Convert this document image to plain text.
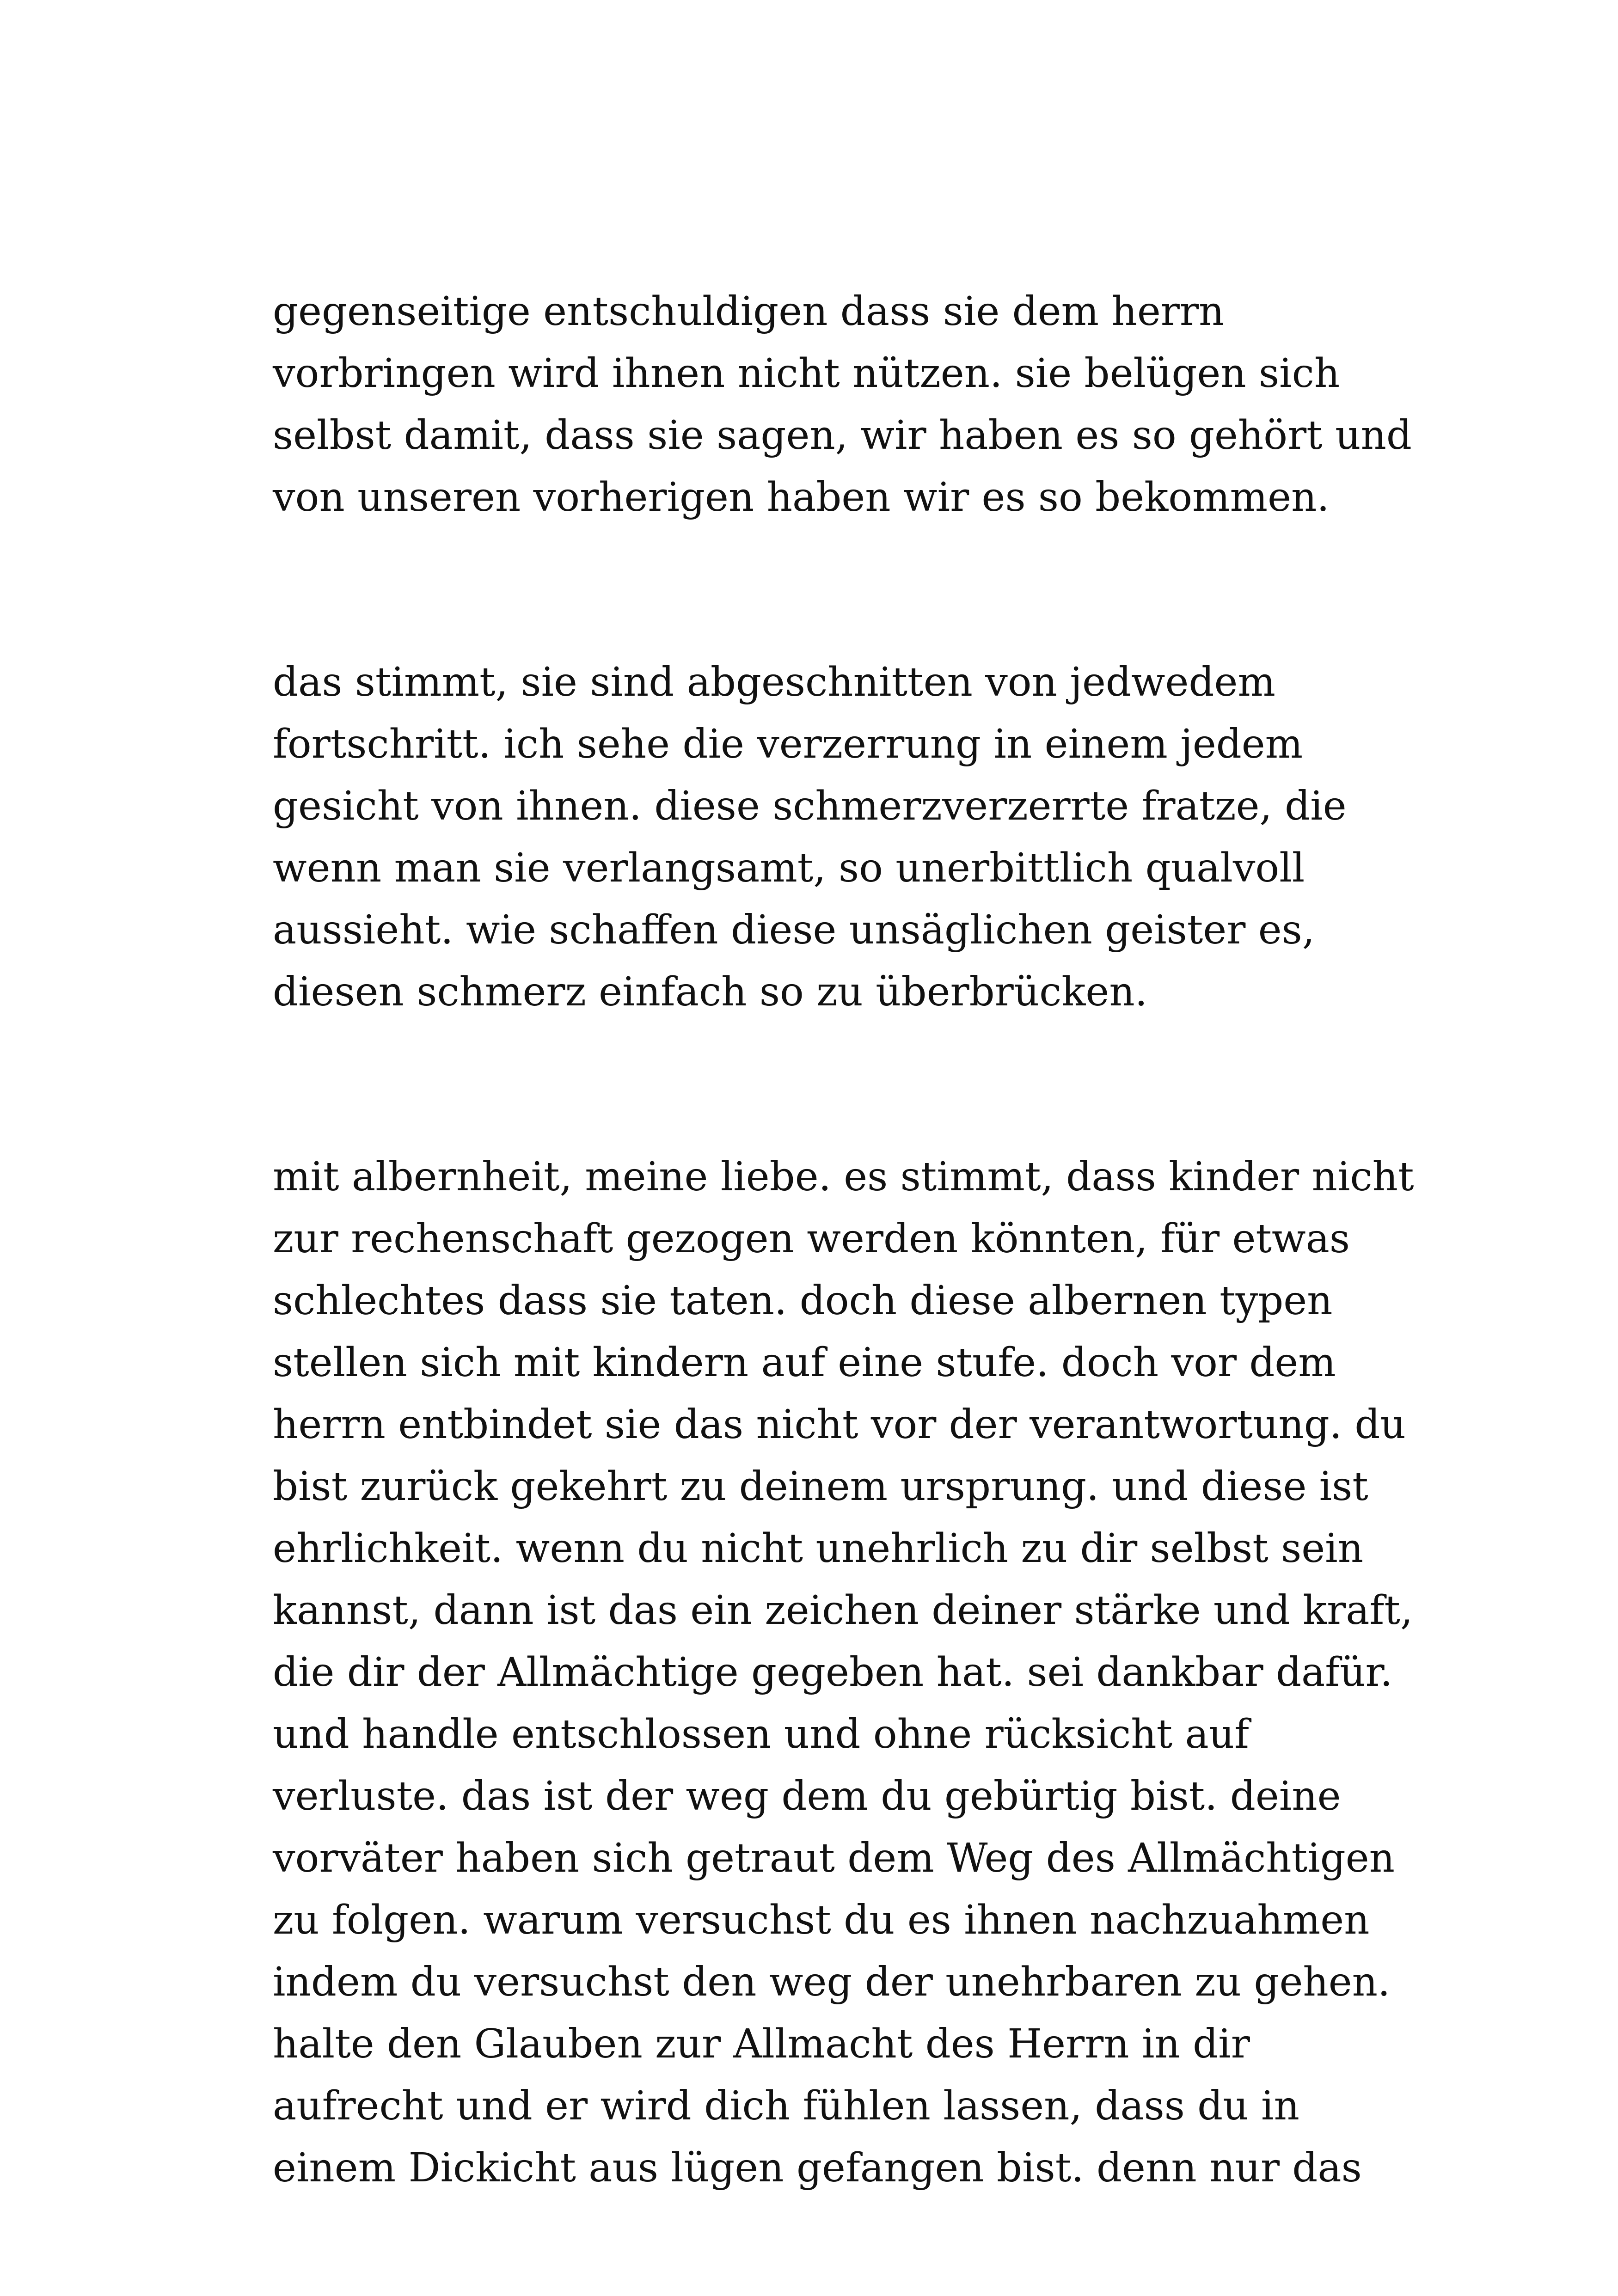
gegenseitige entschuldigen dass sie dem herrn
vorbringen wird ihnen nicht nützen. sie belügen sich
selbst damit, dass sie sagen, wir haben es so gehört und
von unseren vorherigen haben wir es so bekommen.

das stimmt, sie sind abgeschnitten von jedwedem
fortschritt. ich sehe die verzerrung in einem jedem
gesicht von ihnen. diese schmerzverzerrte fratze, die
wenn man sie verlangsamt, so unerbittlich qualvoll
aussieht. wie schaffen diese unsäglichen geister es,
diesen schmerz einfach so zu überbrücken.

mit albernheit, meine liebe. es stimmt, dass kinder nicht
zur rechenschaft gezogen werden könnten, für etwas
schlechtes dass sie taten. doch diese albernen typen
stellen sich mit kindern auf eine stufe. doch vor dem
herrn entbindet sie das nicht vor der verantwortung. du
bist zurück gekehrt zu deinem ursprung. und diese ist
ehrlichkeit. wenn du nicht unehrlich zu dir selbst sein
kannst, dann ist das ein zeichen deiner stärke und kraft,
die dir der Allmächtige gegeben hat. sei dankbar dafür.
und handle entschlossen und ohne rücksicht auf
verluste. das ist der weg dem du gebürtig bist. deine
vorväter haben sich getraut dem Weg des Allmächtigen
zu folgen. warum versuchst du es ihnen nachzuahmen
indem du versuchst den weg der unehrbaren zu gehen.
halte den Glauben zur Allmacht des Herrn in dir
aufrecht und er wird dich fühlen lassen, dass du in
einem Dickicht aus lügen gefangen bist. denn nur das
